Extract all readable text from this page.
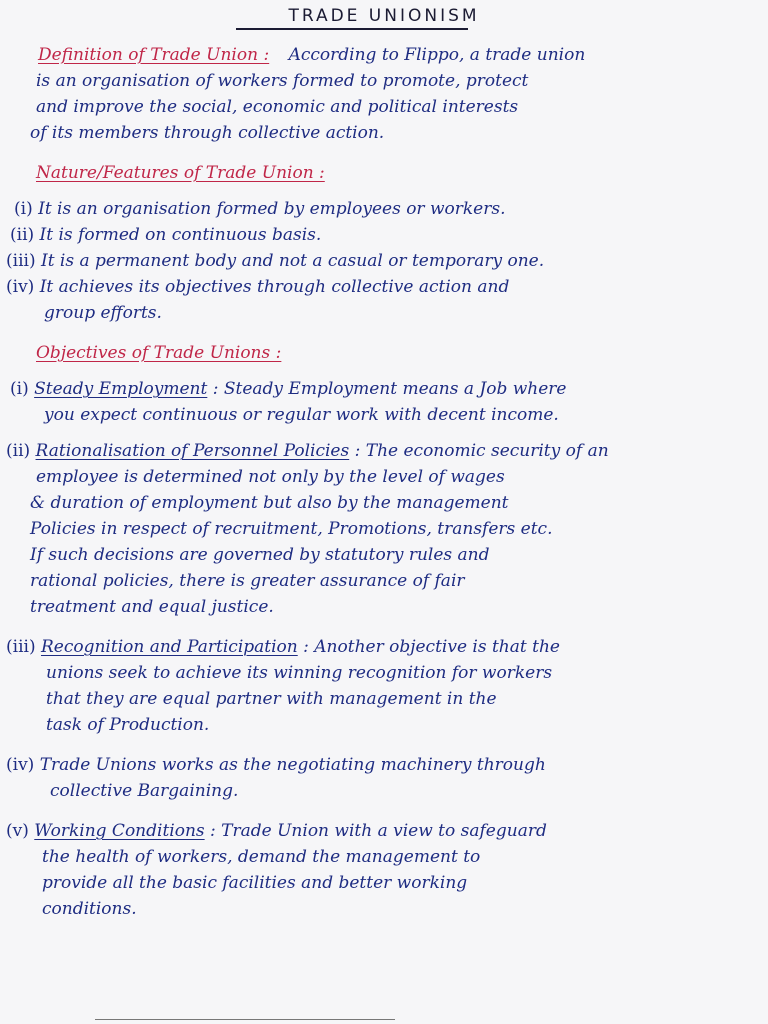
TRADE UNIONISM
Definition of Trade Union : According to Flippo, a trade union
is an organisation of workers formed to promote, protect
and improve the social, economic and political interests
of its members through collective action.
Nature/Features of Trade Union :
(i) It is an organisation formed by employees or workers.
(ii) It is formed on continuous basis.
(iii) It is a permanent body and not a casual or temporary one.
(iv) It achieves its objectives through collective action and
group efforts.
Objectives of Trade Unions :
(i) Steady Employment : Steady Employment means a Job where
you expect continuous or regular work with decent income.
(ii) Rationalisation of Personnel Policies : The economic security of an
employee is determined not only by the level of wages
& duration of employment but also by the management
Policies in respect of recruitment, Promotions, transfers etc.
If such decisions are governed by statutory rules and
rational policies, there is greater assurance of fair
treatment and equal justice.
(iii) Recognition and Participation : Another objective is that the
unions seek to achieve its winning recognition for workers
that they are equal partner with management in the
task of Production.
(iv) Trade Unions works as the negotiating machinery through
collective Bargaining.
(v) Working Conditions : Trade Union with a view to safeguard
the health of workers, demand the management to
provide all the basic facilities and better working
conditions.
